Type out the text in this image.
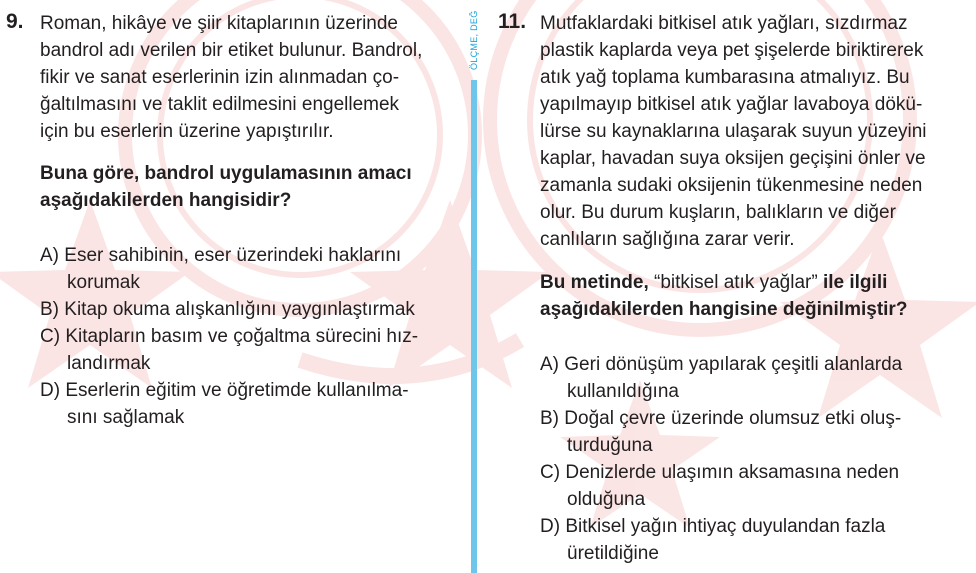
ÖLÇME, DEĞ
9. Roman, hikâye ve şiir kitaplarının üzerinde
bandrol adı verilen bir etiket bulunur. Bandrol,
fikir ve sanat eserlerinin izin alınmadan ço-
ğaltılmasını ve taklit edilmesini engellemek
için bu eserlerin üzerine yapıştırılır.
Buna göre, bandrol uygulamasının amacı
aşağıdakilerden hangisidir?
A) Eser sahibinin, eser üzerindeki haklarını
korumak
B) Kitap okuma alışkanlığını yaygınlaştırmak
C) Kitapların basım ve çoğaltma sürecini hız-
landırmak
D) Eserlerin eğitim ve öğretimde kullanılma-
sını sağlamak
11. Mutfaklardaki bitkisel atık yağları, sızdırmaz
plastik kaplarda veya pet şişelerde biriktirerek
atık yağ toplama kumbarasına atmalıyız. Bu
yapılmayıp bitkisel atık yağlar lavaboya dökü-
lürse su kaynaklarına ulaşarak suyun yüzeyini
kaplar, havadan suya oksijen geçişini önler ve
zamanla sudaki oksijenin tükenmesine neden
olur. Bu durum kuşların, balıkların ve diğer
canlıların sağlığına zarar verir.
Bu metinde, “bitkisel atık yağlar” ile ilgili
aşağıdakilerden hangisine değinilmiştir?
A) Geri dönüşüm yapılarak çeşitli alanlarda
kullanıldığına
B) Doğal çevre üzerinde olumsuz etki oluş-
turduğuna
C) Denizlerde ulaşımın aksamasına neden
olduğuna
D) Bitkisel yağın ihtiyaç duyulandan fazla
üretildiğine
